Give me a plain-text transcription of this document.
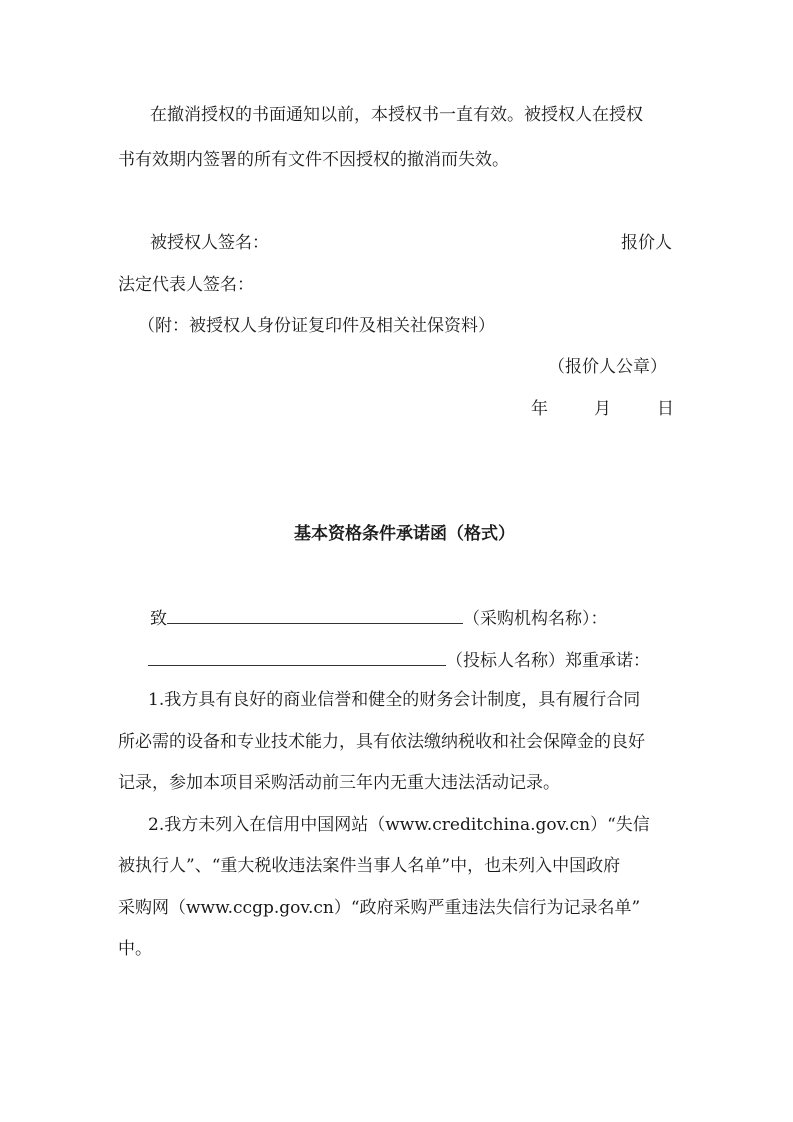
在撤消授权的书面通知以前，本授权书一直有效。被授权人在授权
书有效期内签署的所有文件不因授权的撤消而失效。
被授权人签名：	报价人
法定代表人签名：
（附：被授权人身份证复印件及相关社保资料）
（报价人公章）
年	月	日
基本资格条件承诺函（格式）
致	（采购机构名称）：
（投标人名称）郑重承诺：
1.我方具有良好的商业信誉和健全的财务会计制度，具有履行合同
所必需的设备和专业技术能力，具有依法缴纳税收和社会保障金的良好
记录，参加本项目采购活动前三年内无重大违法活动记录。
2.我方未列入在信用中国网站（www.creditchina.gov.cn）“失信
被执行人”、“重大税收违法案件当事人名单”中，也未列入中国政府
采购网（www.ccgp.gov.cn）“政府采购严重违法失信行为记录名单”
中。
